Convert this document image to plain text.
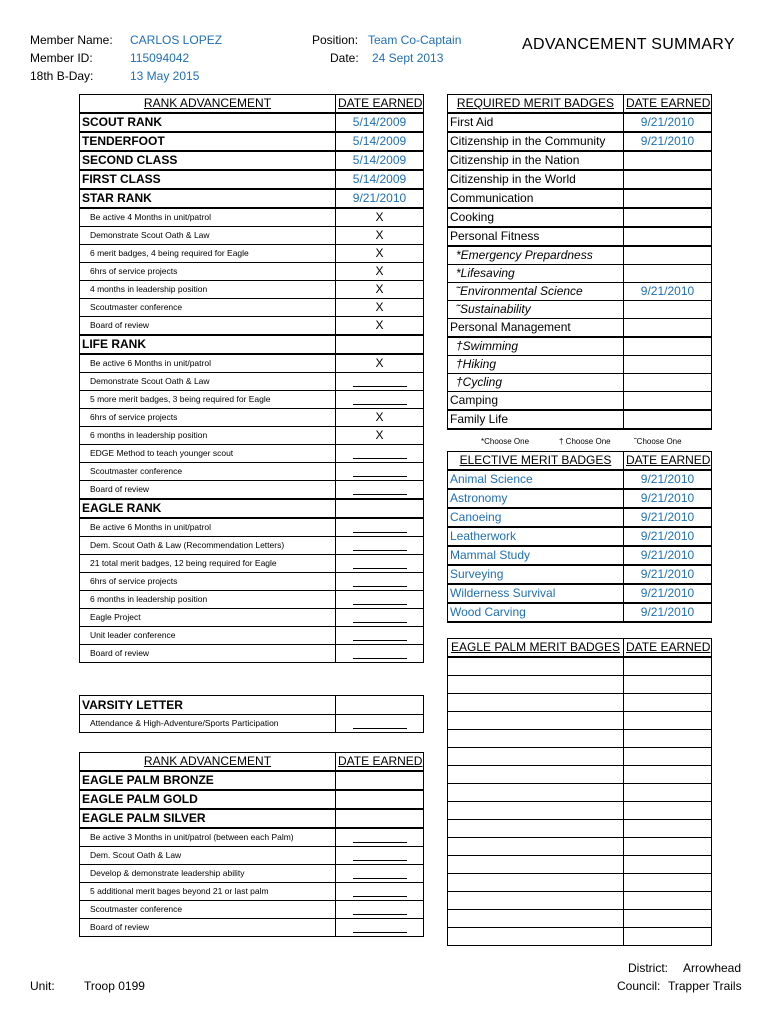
Member Name: CARLOS LOPEZ
Member ID:	115094042
18th B-Day:	13 May 2015
Position: Team Co-Captain
Date: 24 Sept 2013
ADVANCEMENT SUMMARY
RANK ADVANCEMENT	DATE EARNED
SCOUT RANK	5/14/2009
TENDERFOOT	5/14/2009
SECOND CLASS	5/14/2009
FIRST CLASS	5/14/2009
STAR RANK	9/21/2010
Be active 4 Months in unit/patrol	X
Demonstrate Scout Oath & Law	X
6 merit badges, 4 being required for Eagle	X
6hrs of service projects	X
4 months in leadership position	X
Scoutmaster conference	X
Board of review	X
LIFE RANK	
Be active 6 Months in unit/patrol	X
Demonstrate Scout Oath & Law	
5 more merit badges, 3 being required for Eagle	
6hrs of service projects	X
6 months in leadership position	X
EDGE Method to teach younger scout	
Scoutmaster conference	
Board of review	
EAGLE RANK	
Be active 6 Months in unit/patrol	
Dem. Scout Oath & Law (Recommendation Letters)	
21 total merit badges, 12 being required for Eagle	
6hrs of service projects	
6 months in leadership position	
Eagle Project	
Unit leader conference	
Board of review	
VARSITY LETTER	
Attendance & High-Adventure/Sports Participation	
RANK ADVANCEMENT	DATE EARNED
EAGLE PALM BRONZE	
EAGLE PALM GOLD	
EAGLE PALM SILVER	
Be active 3 Months in unit/patrol (between each Palm)	
Dem. Scout Oath & Law	
Develop & demonstrate leadership ability	
5 additional merit bages beyond 21 or last palm	
Scoutmaster conference	
Board of review	
REQUIRED MERIT BADGES	DATE EARNED
First Aid	9/21/2010
Citizenship in the Community	9/21/2010
Citizenship in the Nation	
Citizenship in the World	
Communication	
Cooking	
Personal Fitness	
*Emergency Prepardness	
*Lifesaving	
˜Environmental Science	9/21/2010
˜Sustainability	
Personal Management	
†Swimming	
†Hiking	
†Cycling	
Camping	
Family Life	
*Choose One	† Choose One	˜Choose One
ELECTIVE MERIT BADGES	DATE EARNED
Animal Science	9/21/2010
Astronomy	9/21/2010
Canoeing	9/21/2010
Leatherwork	9/21/2010
Mammal Study	9/21/2010
Surveying	9/21/2010
Wilderness Survival	9/21/2010
Wood Carving	9/21/2010
EAGLE PALM MERIT BADGES	DATE EARNED

Unit: Troop 0199
District: Arrowhead
Council: Trapper Trails
